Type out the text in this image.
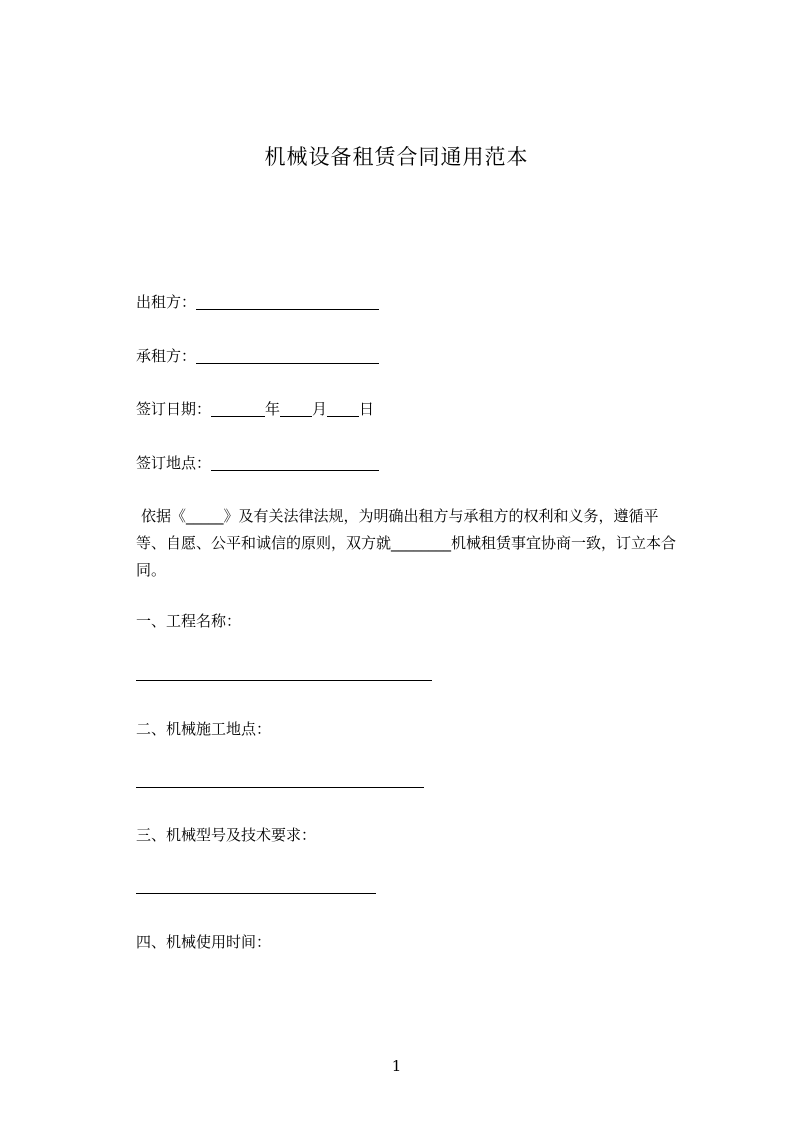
机械设备租赁合同通用范本
出租方：
承租方：
签订日期：	年 月 日
签订地点：
依据《_____》及有关法律法规，为明确出租方与承租方的权利和义务，遵循平
等、自愿、公平和诚信的原则，双方就________机械租赁事宜协商一致，订立本合
同。
一、工程名称：
二、机械施工地点：
三、机械型号及技术要求：
四、机械使用时间：
1
